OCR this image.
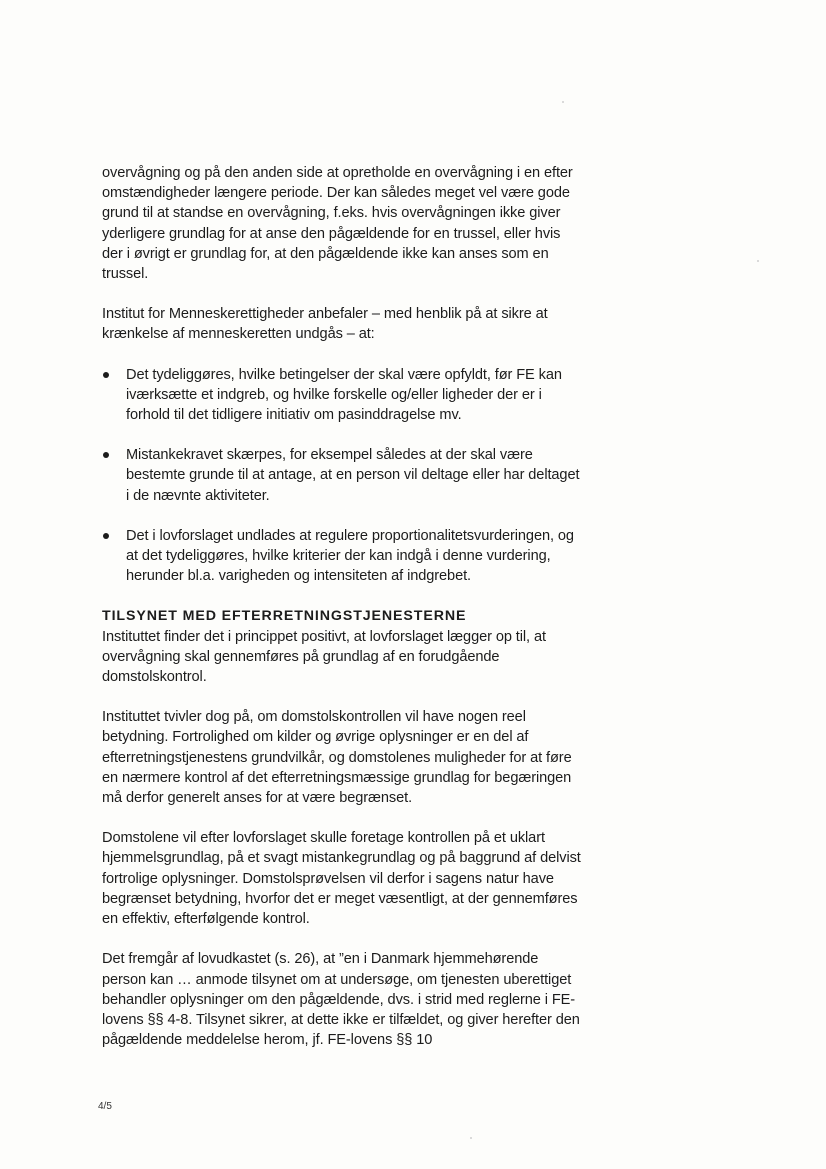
overvågning og på den anden side at opretholde en overvågning i en efter omstændigheder længere periode. Der kan således meget vel være gode grund til at standse en overvågning, f.eks. hvis overvågningen ikke giver yderligere grundlag for at anse den pågældende for en trussel, eller hvis der i øvrigt er grundlag for, at den pågældende ikke kan anses som en trussel.

Institut for Menneskerettigheder anbefaler – med henblik på at sikre at krænkelse af menneskeretten undgås – at:

Det tydeliggøres, hvilke betingelser der skal være opfyldt, før FE kan iværksætte et indgreb, og hvilke forskelle og/eller ligheder der er i forhold til det tidligere initiativ om pasinddragelse mv.
Mistankekravet skærpes, for eksempel således at der skal være bestemte grunde til at antage, at en person vil deltage eller har deltaget i de nævnte aktiviteter.
Det i lovforslaget undlades at regulere proportionalitetsvurderingen, og at det tydeliggøres, hvilke kriterier der kan indgå i denne vurdering, herunder bl.a. varigheden og intensiteten af indgrebet.

TILSYNET MED EFTERRETNINGSTJENESTERNE

Instituttet finder det i princippet positivt, at lovforslaget lægger op til, at overvågning skal gennemføres på grundlag af en forudgående domstolskontrol.

Instituttet tvivler dog på, om domstolskontrollen vil have nogen reel betydning. Fortrolighed om kilder og øvrige oplysninger er en del af efterretningstjenestens grundvilkår, og domstolenes muligheder for at føre en nærmere kontrol af det efterretningsmæssige grundlag for begæringen må derfor generelt anses for at være begrænset.

Domstolene vil efter lovforslaget skulle foretage kontrollen på et uklart hjemmelsgrundlag, på et svagt mistankegrundlag og på baggrund af delvist fortrolige oplysninger. Domstolsprøvelsen vil derfor i sagens natur have begrænset betydning, hvorfor det er meget væsentligt, at der gennemføres en effektiv, efterfølgende kontrol.

Det fremgår af lovudkastet (s. 26), at ”en i Danmark hjemmehørende person kan … anmode tilsynet om at undersøge, om tjenesten uberettiget behandler oplysninger om den pågældende, dvs. i strid med reglerne i FE-lovens §§ 4-8. Tilsynet sikrer, at dette ikke er tilfældet, og giver herefter den pågældende meddelelse herom, jf. FE-lovens §§ 10

4/5
